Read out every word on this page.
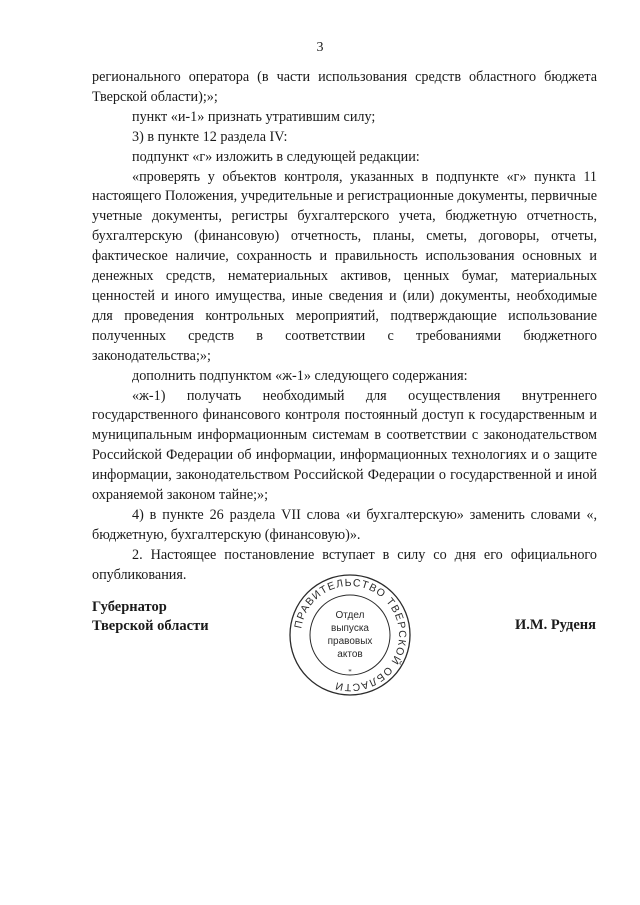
3

регионального оператора (в части использования средств областного бюджета Тверской области);»;

пункт «и-1» признать утратившим силу;

3) в пункте 12 раздела IV:

подпункт «г» изложить в следующей редакции:

«проверять у объектов контроля, указанных в подпункте «г» пункта 11 настоящего Положения, учредительные и регистрационные документы, первичные учетные документы, регистры бухгалтерского учета, бюджетную отчетность, бухгалтерскую (финансовую) отчетность, планы, сметы, договоры, отчеты, фактическое наличие, сохранность и правильность использования основных и денежных средств, нематериальных активов, ценных бумаг, материальных ценностей и иного имущества, иные сведения и (или) документы, необходимые для проведения контрольных мероприятий, подтверждающие использование полученных средств в соответствии с требованиями бюджетного законодательства;»;

дополнить подпунктом «ж-1» следующего содержания:

«ж-1) получать необходимый для осуществления внутреннего государственного финансового контроля постоянный доступ к государственным и муниципальным информационным системам в соответствии с законодательством Российской Федерации об информации, информационных технологиях и о защите информации, законодательством Российской Федерации о государственной и иной охраняемой законом тайне;»;

4) в пункте 26 раздела VII слова «и бухгалтерскую» заменить словами «, бюджетную, бухгалтерскую (финансовую)».

2. Настоящее постановление вступает в силу со дня его официального опубликования.

Губернатор
Тверской области	ПРАВИТЕЛЬСТВО ТВЕРСКОЙ ОБЛАСТИ
Отдел
выпуска
правовых
актов
*
И.М. Руденя
